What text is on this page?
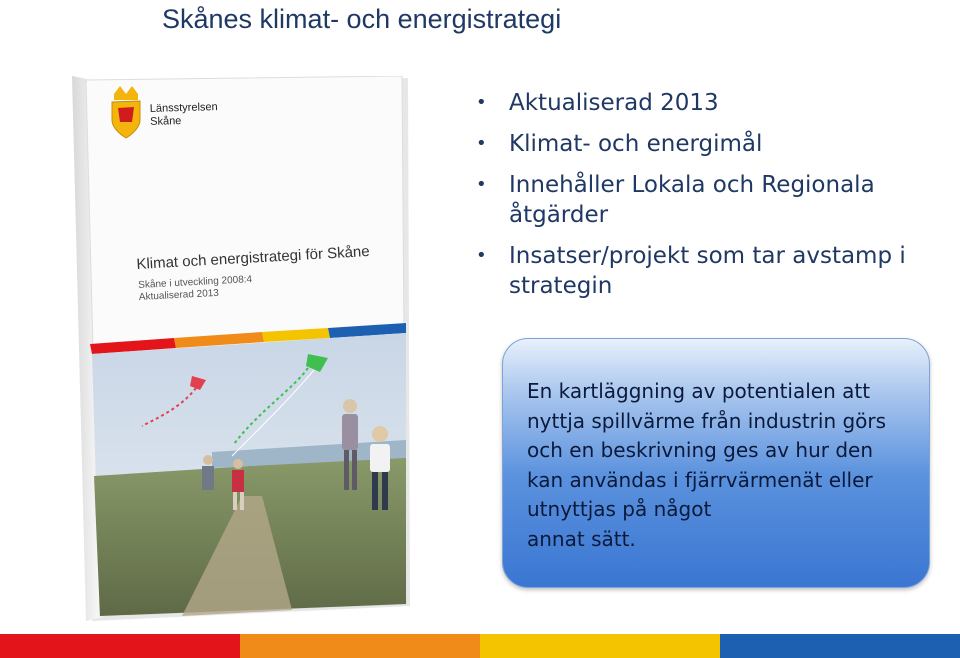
Skånes klimat- och energistrategi
Länsstyrelsen
Skåne
Klimat och energistrategi för Skåne
Skåne i utveckling 2008:4
Aktualiserad 2013
• Aktualiserad 2013
• Klimat- och energimål
• Innehåller Lokala och Regionala åtgärder
• Insatser/projekt som tar avstamp i strategin
En kartläggning av potentialen att
nyttja spillvärme från industrin görs
och en beskrivning ges av hur den
kan användas i fjärrvärmenät eller
utnyttjas på något
annat sätt.
